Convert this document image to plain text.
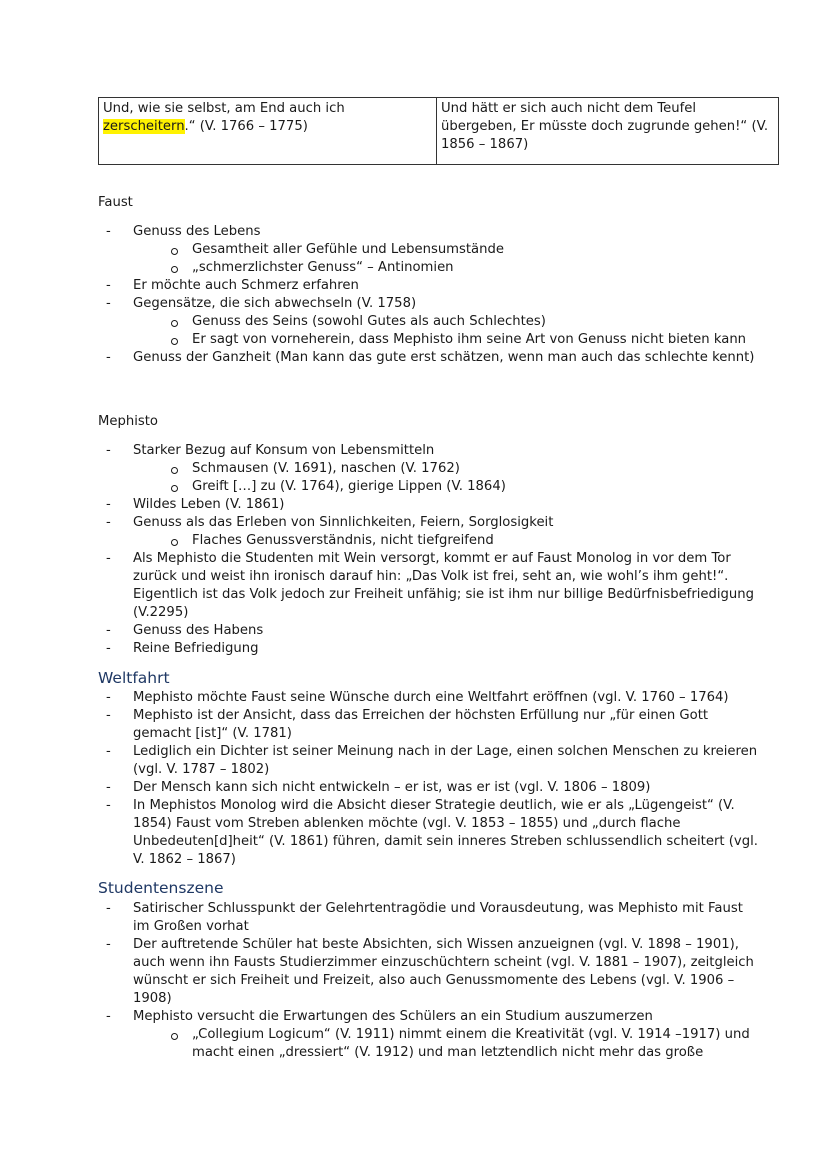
Und, wie sie selbst, am End auch ich
zerscheitern.“ (V. 1766 – 1775)
Und hätt er sich auch nicht dem Teufel übergeben, Er müsste doch zugrunde gehen!“ (V. 1856 – 1867)
Faust
- Genuss des Lebens
Gesamtheit aller Gefühle und Lebensumstände
„schmerzlichster Genuss“ – Antinomien
- Er möchte auch Schmerz erfahren
- Gegensätze, die sich abwechseln (V. 1758)
Genuss des Seins (sowohl Gutes als auch Schlechtes)
Er sagt von vorneherein, dass Mephisto ihm seine Art von Genuss nicht bieten kann
- Genuss der Ganzheit (Man kann das gute erst schätzen, wenn man auch das schlechte kennt)
Mephisto
- Starker Bezug auf Konsum von Lebensmitteln
Schmausen (V. 1691), naschen (V. 1762)
Greift […] zu (V. 1764), gierige Lippen (V. 1864)
- Wildes Leben (V. 1861)
- Genuss als das Erleben von Sinnlichkeiten, Feiern, Sorglosigkeit
Flaches Genussverständnis, nicht tiefgreifend
- Als Mephisto die Studenten mit Wein versorgt, kommt er auf Faust Monolog in vor dem Tor zurück und weist ihn ironisch darauf hin: „Das Volk ist frei, seht an, wie wohl’s ihm geht!“. Eigentlich ist das Volk jedoch zur Freiheit unfähig; sie ist ihm nur billige Bedürfnisbefriedigung (V.2295)
- Genuss des Habens
- Reine Befriedigung
Weltfahrt
- Mephisto möchte Faust seine Wünsche durch eine Weltfahrt eröffnen (vgl. V. 1760 – 1764)
- Mephisto ist der Ansicht, dass das Erreichen der höchsten Erfüllung nur „für einen Gott gemacht [ist]“ (V. 1781)
- Lediglich ein Dichter ist seiner Meinung nach in der Lage, einen solchen Menschen zu kreieren (vgl. V. 1787 – 1802)
- Der Mensch kann sich nicht entwickeln – er ist, was er ist (vgl. V. 1806 – 1809)
- In Mephistos Monolog wird die Absicht dieser Strategie deutlich, wie er als „Lügengeist“ (V. 1854) Faust vom Streben ablenken möchte (vgl. V. 1853 – 1855) und „durch flache Unbedeuten[d]heit“ (V. 1861) führen, damit sein inneres Streben schlussendlich scheitert (vgl. V. 1862 – 1867)
Studentenszene
- Satirischer Schlusspunkt der Gelehrtentragödie und Vorausdeutung, was Mephisto mit Faust im Großen vorhat
- Der auftretende Schüler hat beste Absichten, sich Wissen anzueignen (vgl. V. 1898 – 1901), auch wenn ihn Fausts Studierzimmer einzuschüchtern scheint (vgl. V. 1881 – 1907), zeitgleich wünscht er sich Freiheit und Freizeit, also auch Genussmomente des Lebens (vgl. V. 1906 –1908)
- Mephisto versucht die Erwartungen des Schülers an ein Studium auszumerzen
„Collegium Logicum“ (V. 1911) nimmt einem die Kreativität (vgl. V. 1914 –1917) und macht einen „dressiert“ (V. 1912) und man letztendlich nicht mehr das große
